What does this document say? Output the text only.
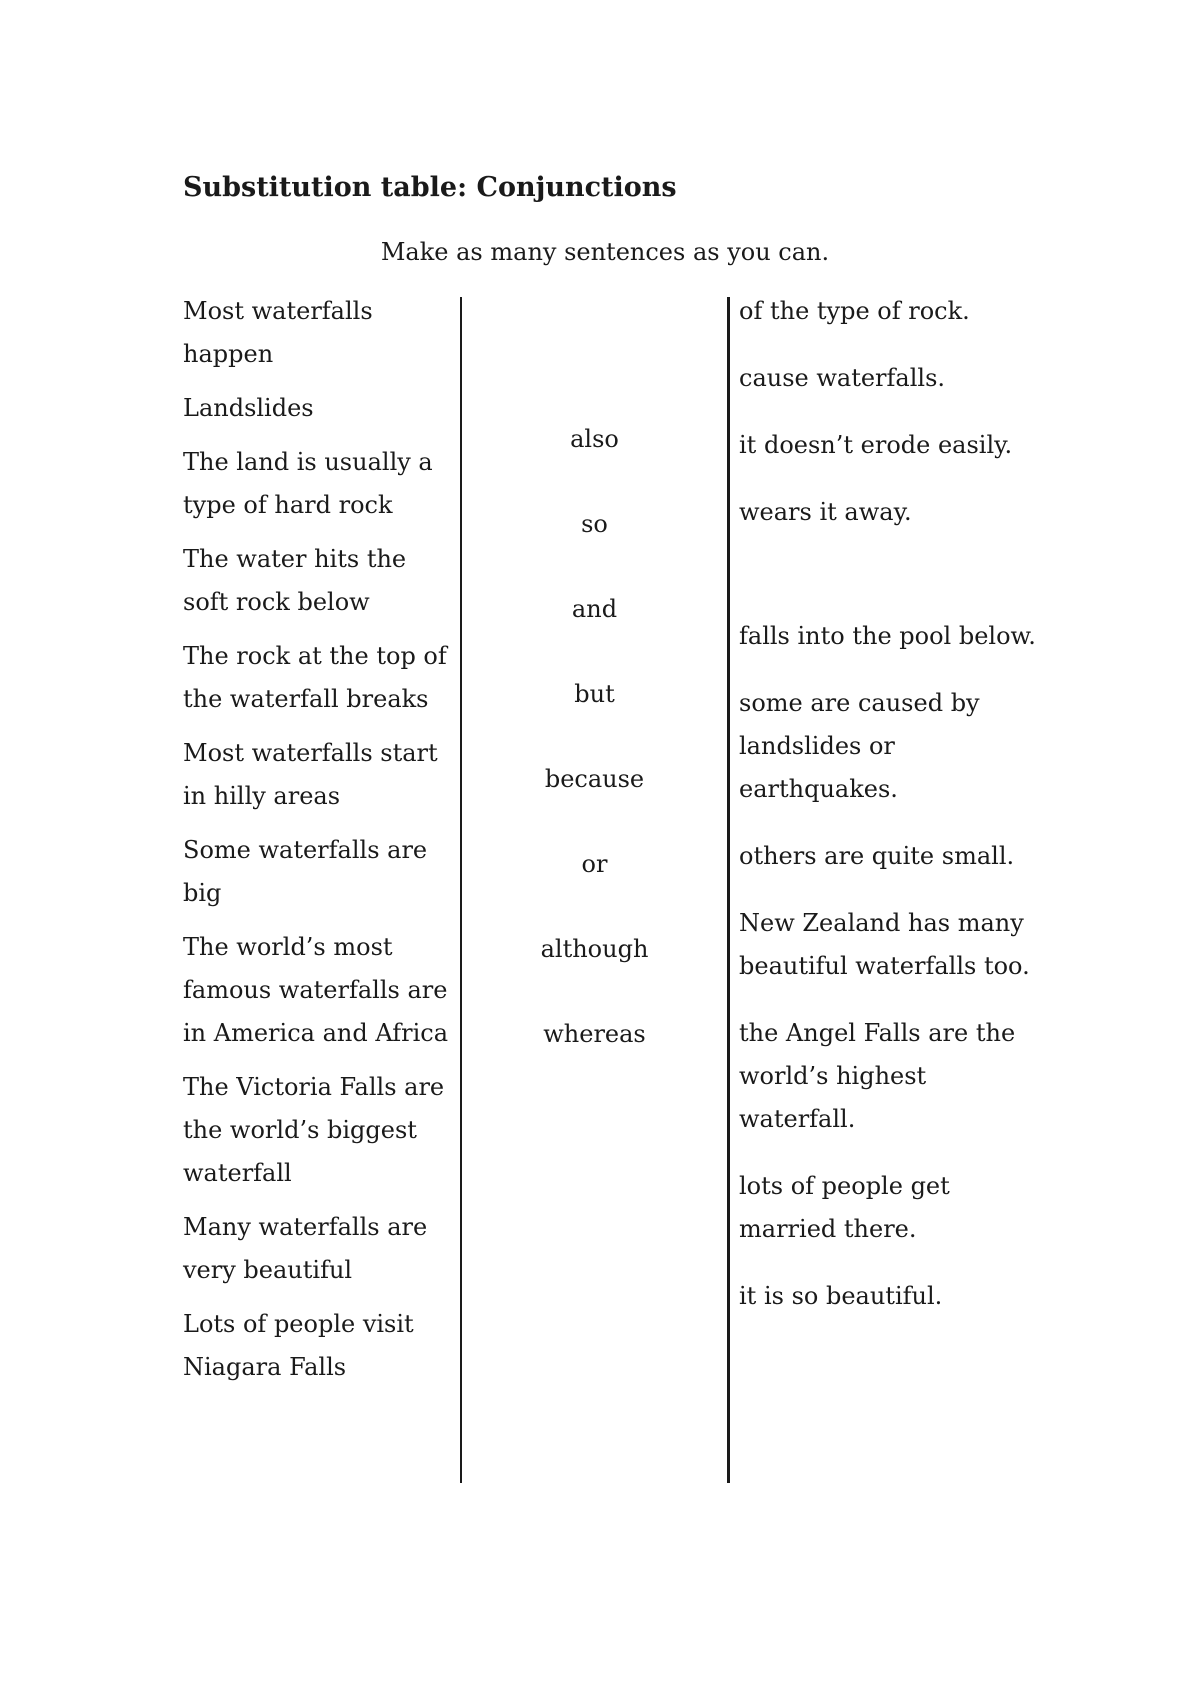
Substitution table: Conjunctions
Make as many sentences as you can.
Most waterfalls happen
Landslides
The land is usually a type of hard rock
The water hits the soft rock below
The rock at the top of the waterfall breaks
Most waterfalls start in hilly areas
Some waterfalls are big
The world’s most famous waterfalls are in America and Africa
The Victoria Falls are the world’s biggest waterfall
Many waterfalls are very beautiful
Lots of people visit Niagara Falls
also
so
and
but
because
or
although
whereas
of the type of rock.
cause waterfalls.
it doesn’t erode easily.
wears it away.
falls into the pool below.
some are caused by landslides or earthquakes.
others are quite small.
New Zealand has many beautiful waterfalls too.
the Angel Falls are the world’s highest waterfall.
lots of people get married there.
it is so beautiful.
